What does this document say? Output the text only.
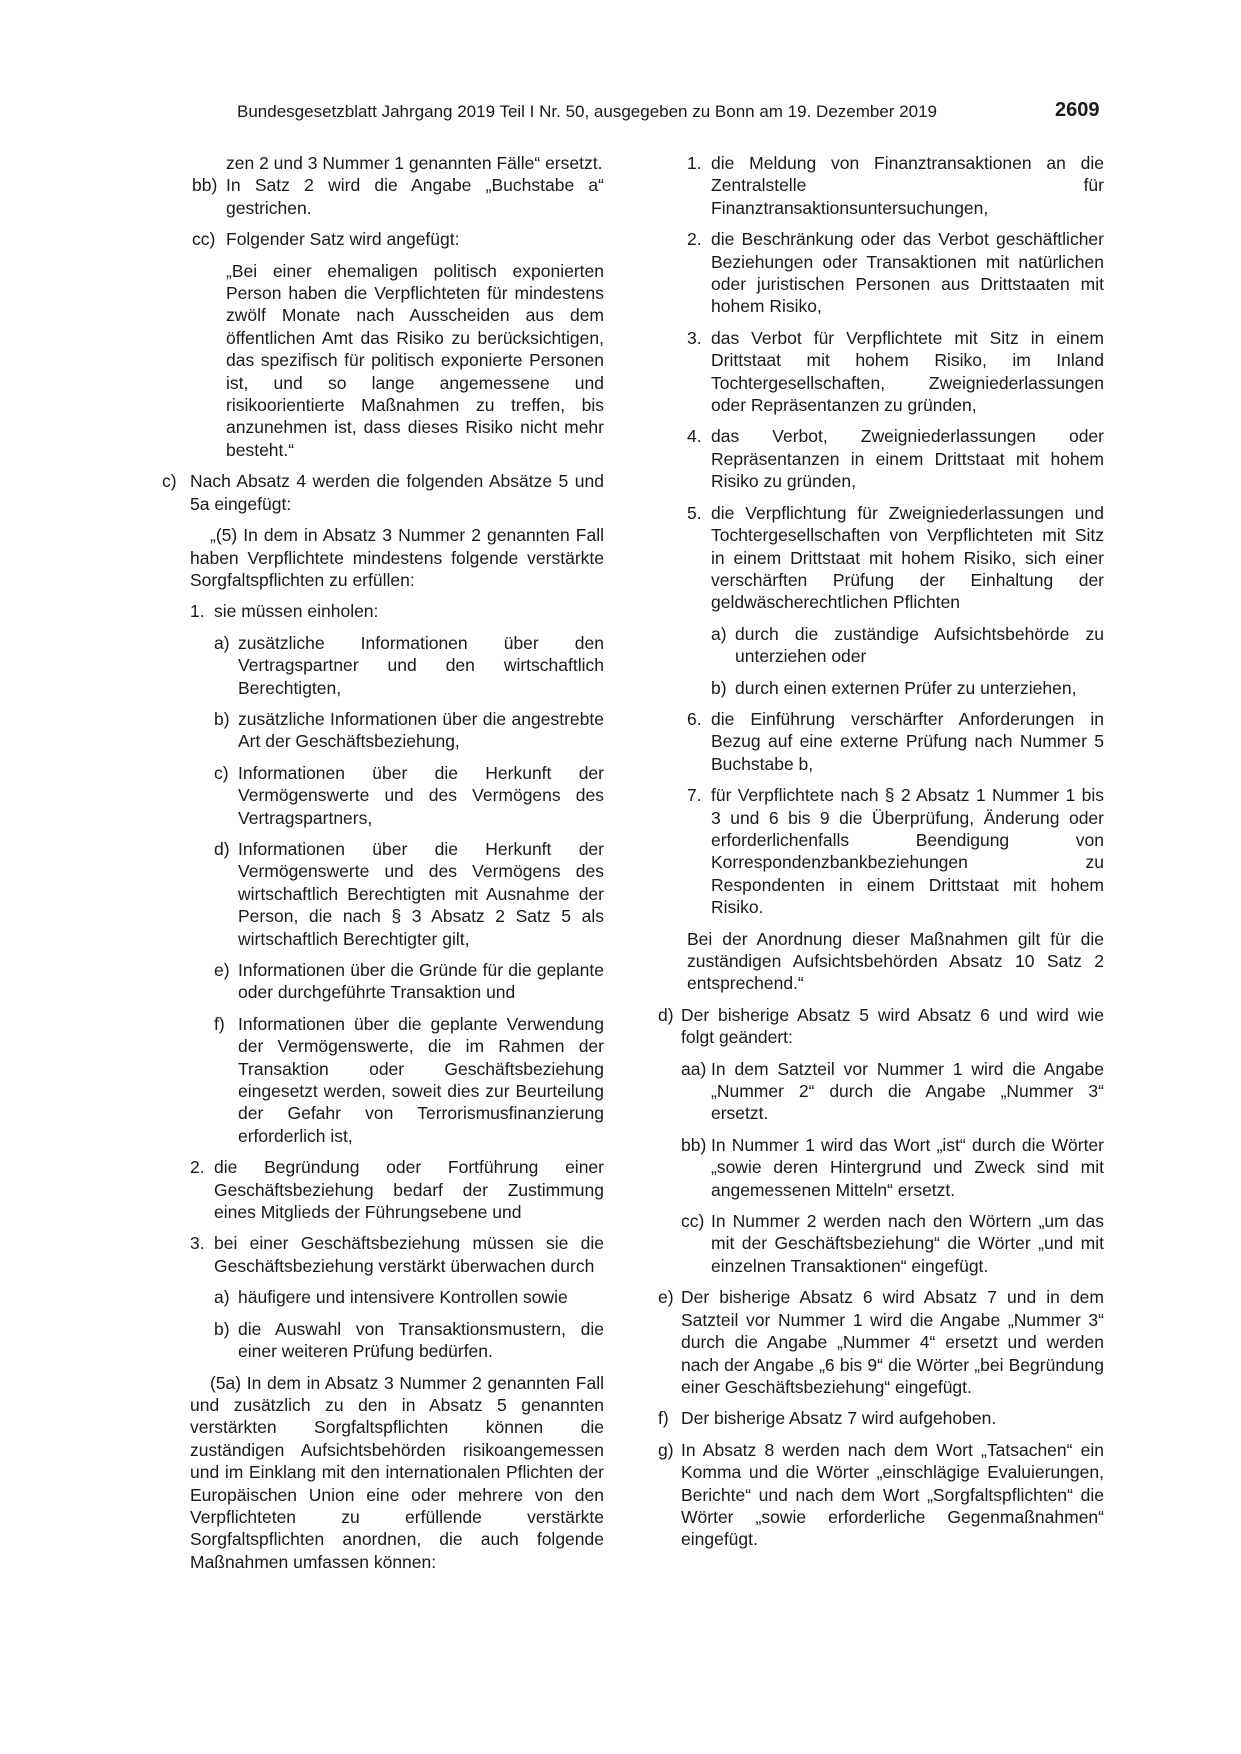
Bundesgesetzblatt Jahrgang 2019 Teil I Nr. 50, ausgegeben zu Bonn am 19. Dezember 2019	2609

zen 2 und 3 Nummer 1 genannten Fälle“ ersetzt.

bb) In Satz 2 wird die Angabe „Buchstabe a“ gestrichen.

cc) Folgender Satz wird angefügt:

„Bei einer ehemaligen politisch exponierten Person haben die Verpflichteten für mindestens zwölf Monate nach Ausscheiden aus dem öffentlichen Amt das Risiko zu berücksichtigen, das spezifisch für politisch exponierte Personen ist, und so lange angemessene und risikoorientierte Maßnahmen zu treffen, bis anzunehmen ist, dass dieses Risiko nicht mehr besteht.“

c) Nach Absatz 4 werden die folgenden Absätze 5 und 5a eingefügt:

„(5) In dem in Absatz 3 Nummer 2 genannten Fall haben Verpflichtete mindestens folgende verstärkte Sorgfaltspflichten zu erfüllen:

1. sie müssen einholen:

a) zusätzliche Informationen über den Vertragspartner und den wirtschaftlich Berechtigten,

b) zusätzliche Informationen über die angestrebte Art der Geschäftsbeziehung,

c) Informationen über die Herkunft der Vermögenswerte und des Vermögens des Vertragspartners,

d) Informationen über die Herkunft der Vermögenswerte und des Vermögens des wirtschaftlich Berechtigten mit Ausnahme der Person, die nach § 3 Absatz 2 Satz 5 als wirtschaftlich Berechtigter gilt,

e) Informationen über die Gründe für die geplante oder durchgeführte Transaktion und

f) Informationen über die geplante Verwendung der Vermögenswerte, die im Rahmen der Transaktion oder Geschäftsbeziehung eingesetzt werden, soweit dies zur Beurteilung der Gefahr von Terrorismusfinanzierung erforderlich ist,

2. die Begründung oder Fortführung einer Geschäftsbeziehung bedarf der Zustimmung eines Mitglieds der Führungsebene und

3. bei einer Geschäftsbeziehung müssen sie die Geschäftsbeziehung verstärkt überwachen durch

a) häufigere und intensivere Kontrollen sowie

b) die Auswahl von Transaktionsmustern, die einer weiteren Prüfung bedürfen.

(5a) In dem in Absatz 3 Nummer 2 genannten Fall und zusätzlich zu den in Absatz 5 genannten verstärkten Sorgfaltspflichten können die zuständigen Aufsichtsbehörden risikoangemessen und im Einklang mit den internationalen Pflichten der Europäischen Union eine oder mehrere von den Verpflichteten zu erfüllende verstärkte Sorgfaltspflichten anordnen, die auch folgende Maßnahmen umfassen können:

1. die Meldung von Finanztransaktionen an die Zentralstelle für Finanztransaktionsuntersuchungen,

2. die Beschränkung oder das Verbot geschäftlicher Beziehungen oder Transaktionen mit natürlichen oder juristischen Personen aus Drittstaaten mit hohem Risiko,

3. das Verbot für Verpflichtete mit Sitz in einem Drittstaat mit hohem Risiko, im Inland Tochtergesellschaften, Zweigniederlassungen oder Repräsentanzen zu gründen,

4. das Verbot, Zweigniederlassungen oder Repräsentanzen in einem Drittstaat mit hohem Risiko zu gründen,

5. die Verpflichtung für Zweigniederlassungen und Tochtergesellschaften von Verpflichteten mit Sitz in einem Drittstaat mit hohem Risiko, sich einer verschärften Prüfung der Einhaltung der geldwäscherechtlichen Pflichten

a) durch die zuständige Aufsichtsbehörde zu unterziehen oder

b) durch einen externen Prüfer zu unterziehen,

6. die Einführung verschärfter Anforderungen in Bezug auf eine externe Prüfung nach Nummer 5 Buchstabe b,

7. für Verpflichtete nach § 2 Absatz 1 Nummer 1 bis 3 und 6 bis 9 die Überprüfung, Änderung oder erforderlichenfalls Beendigung von Korrespondenzbankbeziehungen zu Respondenten in einem Drittstaat mit hohem Risiko.

Bei der Anordnung dieser Maßnahmen gilt für die zuständigen Aufsichtsbehörden Absatz 10 Satz 2 entsprechend.“

d) Der bisherige Absatz 5 wird Absatz 6 und wird wie folgt geändert:

aa) In dem Satzteil vor Nummer 1 wird die Angabe „Nummer 2“ durch die Angabe „Nummer 3“ ersetzt.

bb) In Nummer 1 wird das Wort „ist“ durch die Wörter „sowie deren Hintergrund und Zweck sind mit angemessenen Mitteln“ ersetzt.

cc) In Nummer 2 werden nach den Wörtern „um das mit der Geschäftsbeziehung“ die Wörter „und mit einzelnen Transaktionen“ eingefügt.

e) Der bisherige Absatz 6 wird Absatz 7 und in dem Satzteil vor Nummer 1 wird die Angabe „Nummer 3“ durch die Angabe „Nummer 4“ ersetzt und werden nach der Angabe „6 bis 9“ die Wörter „bei Begründung einer Geschäftsbeziehung“ eingefügt.

f) Der bisherige Absatz 7 wird aufgehoben.

g) In Absatz 8 werden nach dem Wort „Tatsachen“ ein Komma und die Wörter „einschlägige Evaluierungen, Berichte“ und nach dem Wort „Sorgfaltspflichten“ die Wörter „sowie erforderliche Gegenmaßnahmen“ eingefügt.
